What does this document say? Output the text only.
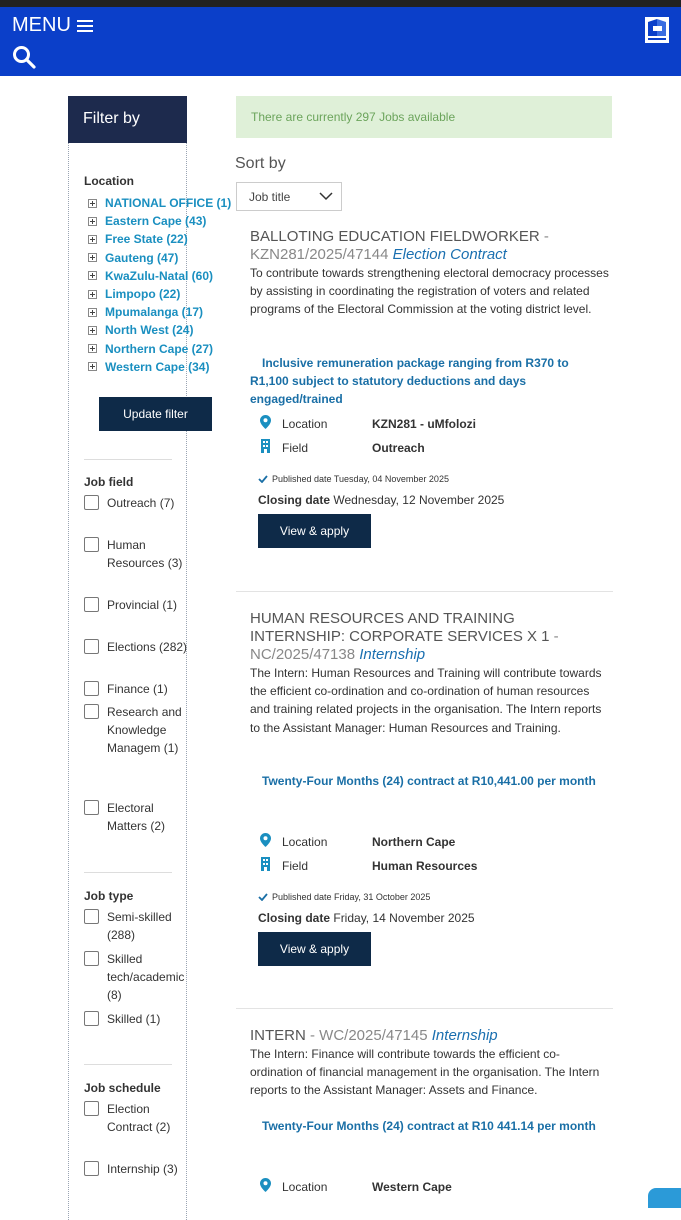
MENU
Filter by
Location
NATIONAL OFFICE (1)
Eastern Cape (43)
Free State (22)
Gauteng (47)
KwaZulu-Natal (60)
Limpopo (22)
Mpumalanga (17)
North West (24)
Northern Cape (27)
Western Cape (34)
Update filter
Job field
Outreach (7)
Human Resources (3)
Provincial (1)
Elections (282)
Finance (1)
Research and Knowledge Managem (1)
Electoral Matters (2)
Job type
Semi-skilled (288)
Skilled tech/academic (8)
Skilled (1)
Job schedule
Election Contract (2)
Internship (3)
There are currently 297 Jobs available
Sort by
Job title
BALLOTING EDUCATION FIELDWORKER - KZN281/2025/47144 Election Contract
To contribute towards strengthening electoral democracy processes by assisting in coordinating the registration of voters and related programs of the Electoral Commission at the voting district level.
Inclusive remuneration package ranging from R370 to R1,100 subject to statutory deductions and days engaged/trained
Location	KZN281 - uMfolozi
Field	Outreach
Published date Tuesday, 04 November 2025
Closing date Wednesday, 12 November 2025
View & apply
HUMAN RESOURCES AND TRAINING INTERNSHIP: CORPORATE SERVICES X 1 - NC/2025/47138 Internship
The Intern: Human Resources and Training will contribute towards the efficient co-ordination and co-ordination of human resources and training related projects in the organisation. The Intern reports to the Assistant Manager: Human Resources and Training.
Twenty-Four Months (24) contract at R10,441.00 per month
Location	Northern Cape
Field	Human Resources
Published date Friday, 31 October 2025
Closing date Friday, 14 November 2025
View & apply
INTERN - WC/2025/47145 Internship
The Intern: Finance will contribute towards the efficient co-ordination of financial management in the organisation. The Intern reports to the Assistant Manager: Assets and Finance.
Twenty-Four Months (24) contract at R10 441.14 per month
Location	Western Cape
